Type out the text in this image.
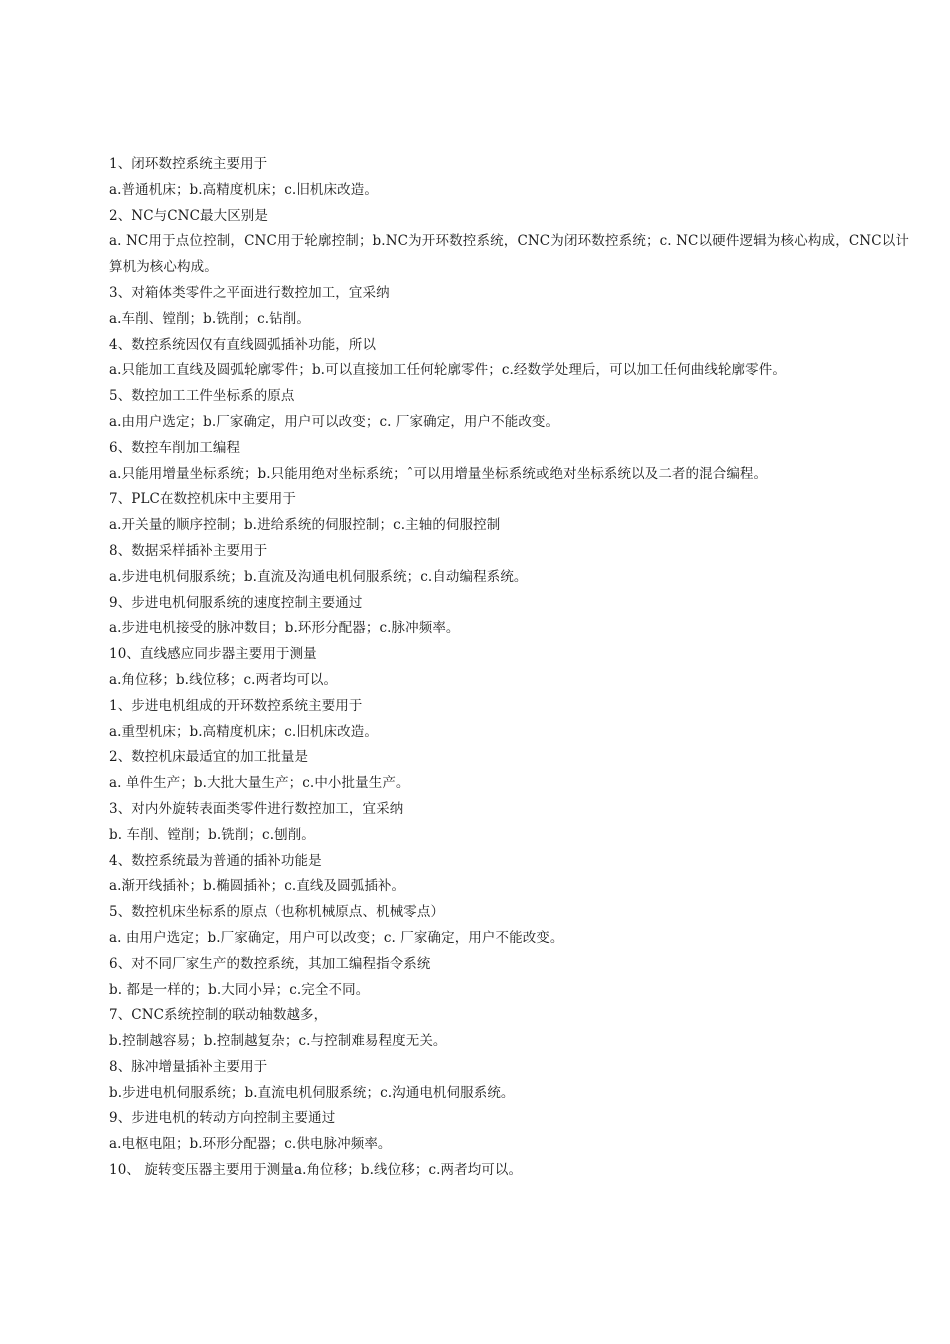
1、闭环数控系统主要用于
a.普通机床；b.高精度机床；c.旧机床改造。
2、NC与CNC最大区别是
a. NC用于点位控制，CNC用于轮廓控制；b.NC为开环数控系统，CNC为闭环数控系统；c. NC以硬件逻辑为核心构成，CNC以计算机为核心构成。
3、对箱体类零件之平面进行数控加工，宜采纳
a.车削、镗削；b.铣削；c.钻削。
4、数控系统因仅有直线圆弧插补功能，所以
a.只能加工直线及圆弧轮廓零件；b.可以直接加工任何轮廓零件；c.经数学处理后，可以加工任何曲线轮廓零件。
5、数控加工工件坐标系的原点
a.由用户选定；b.厂家确定，用户可以改变；c. 厂家确定，用户不能改变。
6、数控车削加工编程
a.只能用增量坐标系统；b.只能用绝对坐标系统；ˆ可以用增量坐标系统或绝对坐标系统以及二者的混合编程。
7、PLC在数控机床中主要用于
a.开关量的顺序控制；b.进给系统的伺服控制；c.主轴的伺服控制
8、数据采样插补主要用于
a.步进电机伺服系统；b.直流及沟通电机伺服系统；c.自动编程系统。
9、步进电机伺服系统的速度控制主要通过
a.步进电机接受的脉冲数目；b.环形分配器；c.脉冲频率。
10、直线感应同步器主要用于测量
a.角位移；b.线位移；c.两者均可以。
1、步进电机组成的开环数控系统主要用于
a.重型机床；b.高精度机床；c.旧机床改造。
2、数控机床最适宜的加工批量是
a. 单件生产；b.大批大量生产；c.中小批量生产。
3、对内外旋转表面类零件进行数控加工，宜采纳
b. 车削、镗削；b.铣削；c.刨削。
4、数控系统最为普通的插补功能是
a.渐开线插补；b.椭圆插补；c.直线及圆弧插补。
5、数控机床坐标系的原点（也称机械原点、机械零点）
a. 由用户选定；b.厂家确定，用户可以改变；c. 厂家确定，用户不能改变。
6、对不同厂家生产的数控系统，其加工编程指令系统
b. 都是一样的；b.大同小异；c.完全不同。
7、CNC系统控制的联动轴数越多，
b.控制越容易；b.控制越复杂；c.与控制难易程度无关。
8、脉冲增量插补主要用于
b.步进电机伺服系统；b.直流电机伺服系统；c.沟通电机伺服系统。
9、步进电机的转动方向控制主要通过
a.电枢电阻；b.环形分配器；c.供电脉冲频率。
10、 旋转变压器主要用于测量a.角位移；b.线位移；c.两者均可以。
